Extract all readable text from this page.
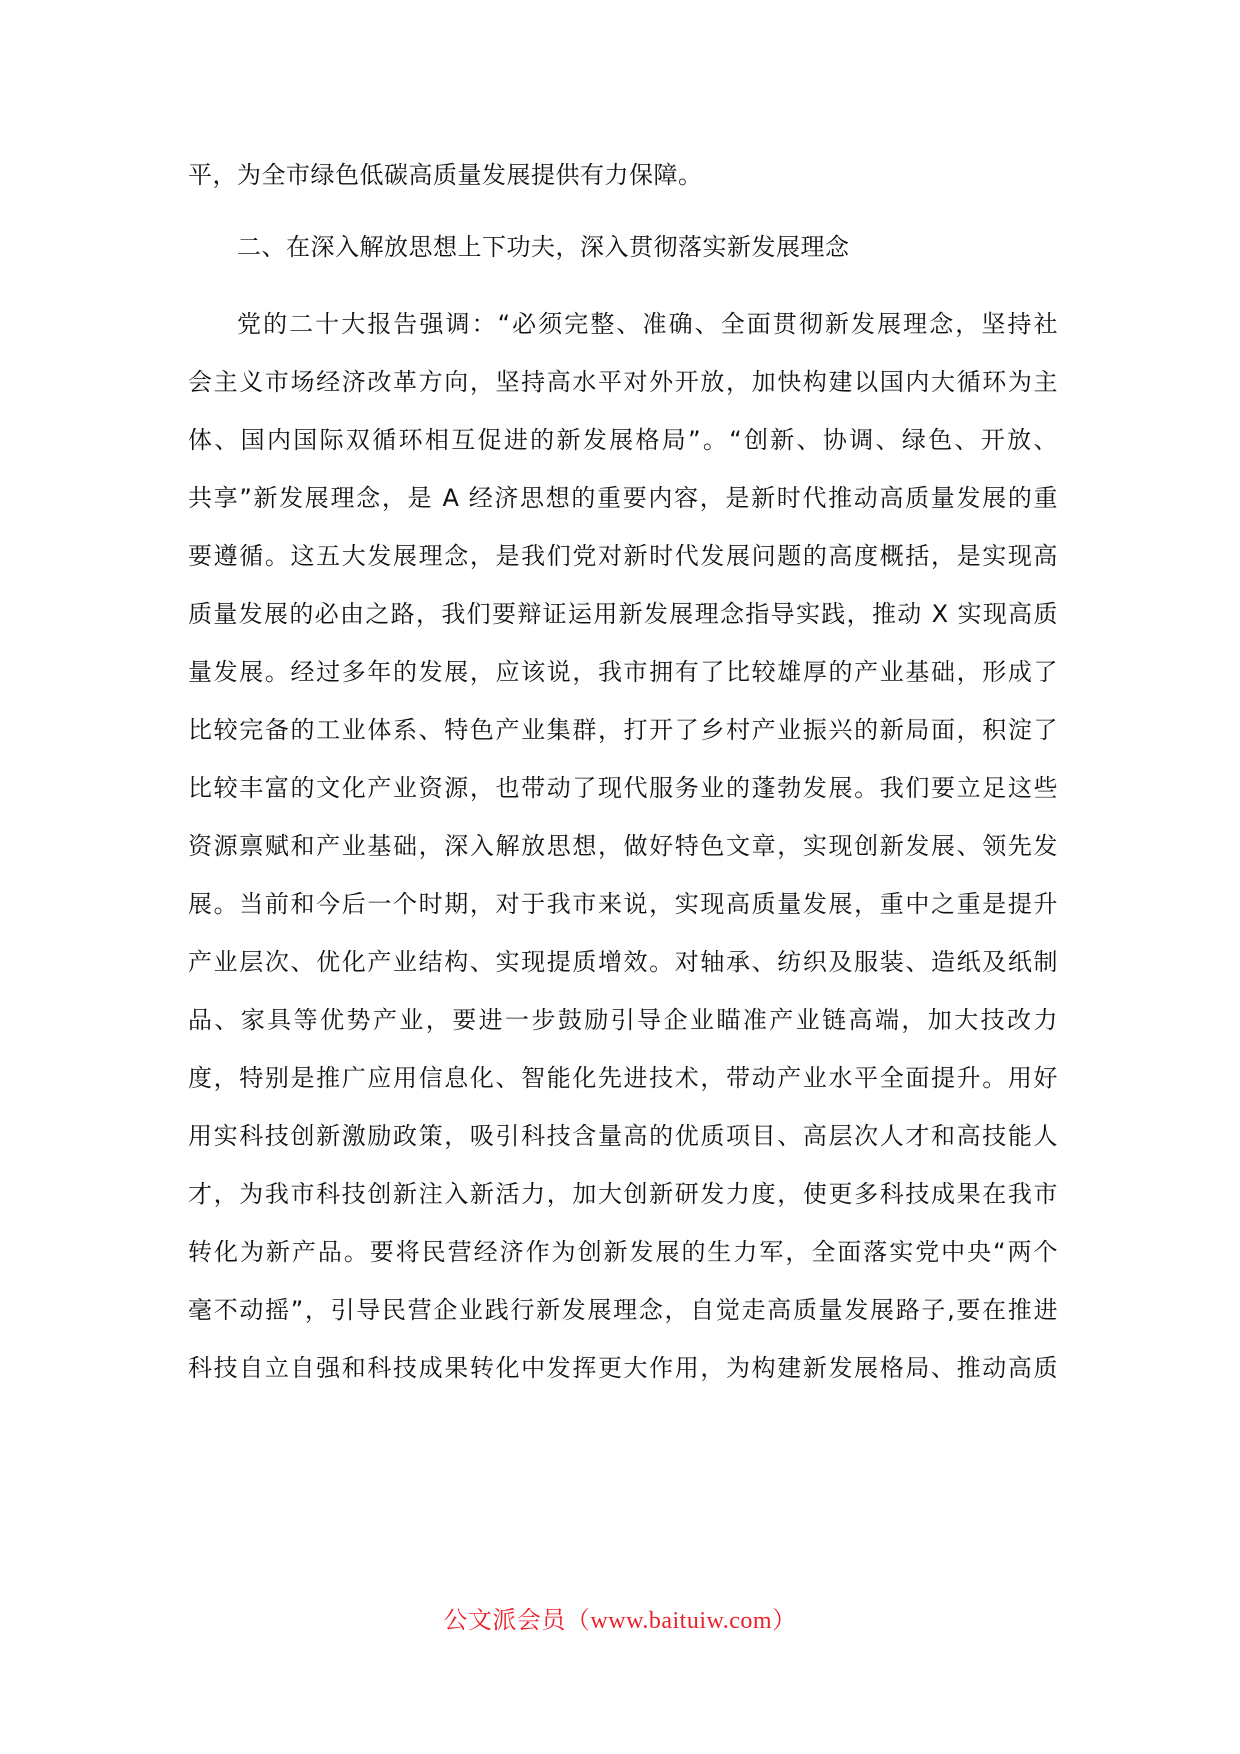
平，为全市绿色低碳高质量发展提供有力保障。
二、在深入解放思想上下功夫，深入贯彻落实新发展理念
党的二十大报告强调：“必须完整、准确、全面贯彻新发展理念，坚持社
会主义市场经济改革方向，坚持高水平对外开放，加快构建以国内大循环为主
体、国内国际双循环相互促进的新发展格局”。“创新、协调、绿色、开放、
共享”新发展理念，是 A 经济思想的重要内容，是新时代推动高质量发展的重
要遵循。这五大发展理念，是我们党对新时代发展问题的高度概括，是实现高
质量发展的必由之路，我们要辩证运用新发展理念指导实践，推动 X 实现高质
量发展。经过多年的发展，应该说，我市拥有了比较雄厚的产业基础，形成了
比较完备的工业体系、特色产业集群，打开了乡村产业振兴的新局面，积淀了
比较丰富的文化产业资源，也带动了现代服务业的蓬勃发展。我们要立足这些
资源禀赋和产业基础，深入解放思想，做好特色文章，实现创新发展、领先发
展。当前和今后一个时期，对于我市来说，实现高质量发展，重中之重是提升
产业层次、优化产业结构、实现提质增效。对轴承、纺织及服装、造纸及纸制
品、家具等优势产业，要进一步鼓励引导企业瞄准产业链高端，加大技改力
度，特别是推广应用信息化、智能化先进技术，带动产业水平全面提升。用好
用实科技创新激励政策，吸引科技含量高的优质项目、高层次人才和高技能人
才，为我市科技创新注入新活力，加大创新研发力度，使更多科技成果在我市
转化为新产品。要将民营经济作为创新发展的生力军，全面落实党中央“两个
毫不动摇”，引导民营企业践行新发展理念，自觉走高质量发展路子,要在推进
科技自立自强和科技成果转化中发挥更大作用，为构建新发展格局、推动高质
公文派会员（www.baituiw.com）
